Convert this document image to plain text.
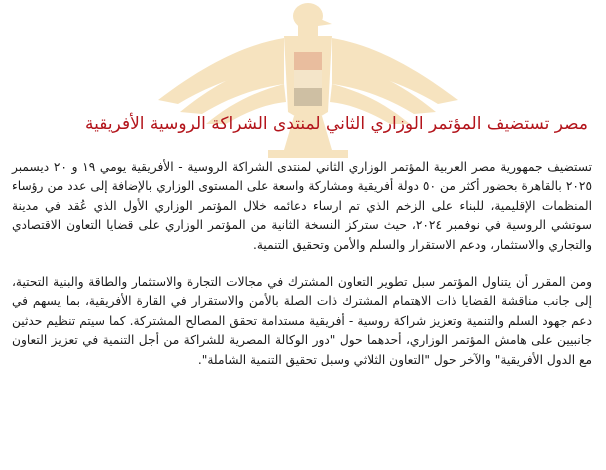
مصر تستضيف المؤتمر الوزاري الثاني لمنتدى الشراكة الروسية الأفريقية

تستضيف جمهورية مصر العربية المؤتمر الوزاري الثاني لمنتدى الشراكة الروسية - الأفريقية يومي ١٩ و ٢٠ ديسمبر ٢٠٢٥ بالقاهرة بحضور أكثر من ٥٠ دولة أفريقية ومشاركة واسعة على المستوى الوزاري بالإضافة إلى عدد من رؤساء المنظمات الإقليمية، للبناء على الزخم الذي تم ارساء دعائمه خلال المؤتمر الوزاري الأول الذي عُقد في مدينة سوتشي الروسية في نوفمبر ٢٠٢٤، حيث ستركز النسخة الثانية من المؤتمر الوزاري على قضايا التعاون الاقتصادي والتجاري والاستثمار، ودعم الاستقرار والسلم والأمن وتحقيق التنمية.

ومن المقرر أن يتناول المؤتمر سبل تطوير التعاون المشترك في مجالات التجارة والاستثمار والطاقة والبنية التحتية، إلى جانب مناقشة القضايا ذات الاهتمام المشترك ذات الصلة بالأمن والاستقرار في القارة الأفريقية، بما يسهم في دعم جهود السلم والتنمية وتعزيز شراكة روسية - أفريقية مستدامة تحقق المصالح المشتركة. كما سيتم تنظيم حدثين جانبيين على هامش المؤتمر الوزاري، أحدهما حول "دور الوكالة المصرية للشراكة من أجل التنمية في تعزيز التعاون مع الدول الأفريقية" والآخر حول "التعاون الثلاثي وسبل تحقيق التنمية الشاملة".
